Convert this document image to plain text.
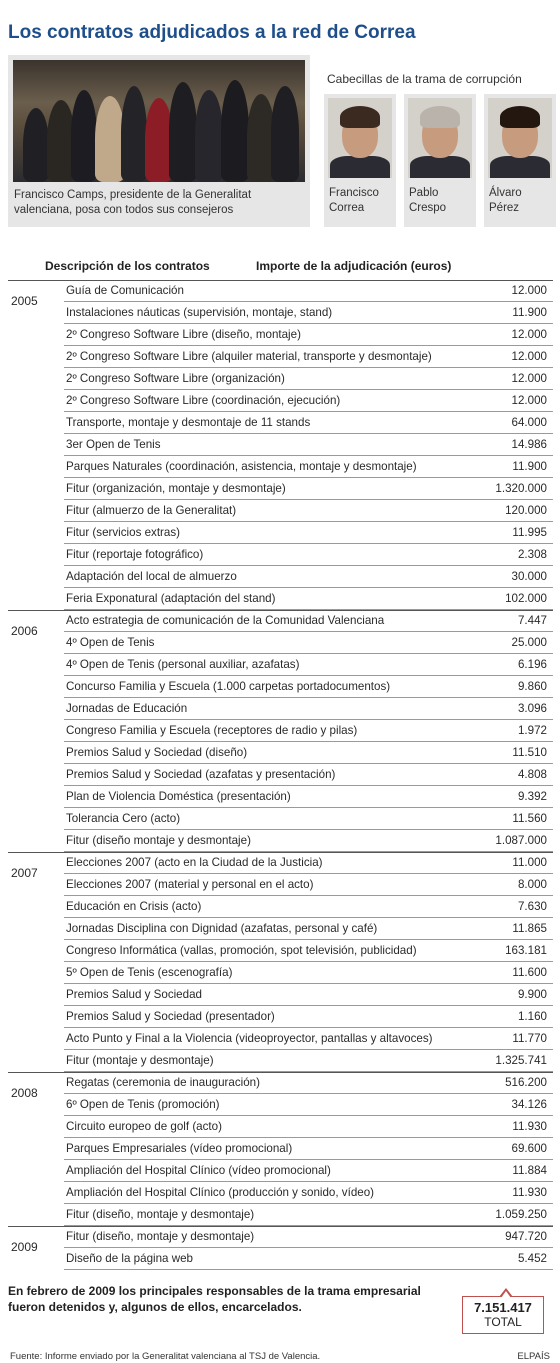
Los contratos adjudicados a la red de Correa
Francisco Camps, presidente de la Generalitat valenciana, posa con todos sus consejeros
Cabecillas de la trama de corrupción
Francisco
Correa
Pablo
Crespo
Álvaro
Pérez
Descripción de los contratos	Importe de la adjudicación (euros)
2005
Guía de Comunicación	12.000
Instalaciones náuticas (supervisión, montaje, stand)	11.900
2º Congreso Software Libre (diseño, montaje)	12.000
2º Congreso Software Libre (alquiler material, transporte y desmontaje)	12.000
2º Congreso Software Libre (organización)	12.000
2º Congreso Software Libre (coordinación, ejecución)	12.000
Transporte, montaje y desmontaje de 11 stands	64.000
3er Open de Tenis	14.986
Parques Naturales (coordinación, asistencia, montaje y desmontaje)	11.900
Fitur (organización, montaje y desmontaje)	1.320.000
Fitur (almuerzo de la Generalitat)	120.000
Fitur (servicios extras)	11.995
Fitur (reportaje fotográfico)	2.308
Adaptación del local de almuerzo	30.000
Feria Exponatural (adaptación del stand)	102.000
2006
Acto estrategia de comunicación de la Comunidad Valenciana	7.447
4º Open de Tenis	25.000
4º Open de Tenis (personal auxiliar, azafatas)	6.196
Concurso Familia y Escuela (1.000 carpetas portadocumentos)	9.860
Jornadas de Educación	3.096
Congreso Familia y Escuela (receptores de radio y pilas)	1.972
Premios Salud y Sociedad (diseño)	11.510
Premios Salud y Sociedad (azafatas y presentación)	4.808
Plan de Violencia Doméstica (presentación)	9.392
Tolerancia Cero (acto)	11.560
Fitur (diseño montaje y desmontaje)	1.087.000
2007
Elecciones 2007 (acto en la Ciudad de la Justicia)	11.000
Elecciones 2007 (material y personal en el acto)	8.000
Educación en Crisis (acto)	7.630
Jornadas Disciplina con Dignidad (azafatas, personal y café)	11.865
Congreso Informática (vallas, promoción, spot televisión, publicidad)	163.181
5º Open de Tenis (escenografía)	11.600
Premios Salud y Sociedad	9.900
Premios Salud y Sociedad (presentador)	1.160
Acto Punto y Final a la Violencia (videoproyector, pantallas y altavoces)	11.770
Fitur (montaje y desmontaje)	1.325.741
2008
Regatas (ceremonia de inauguración)	516.200
6º Open de Tenis (promoción)	34.126
Circuito europeo de golf (acto)	11.930
Parques Empresariales (vídeo promocional)	69.600
Ampliación del Hospital Clínico (vídeo promocional)	11.884
Ampliación del Hospital Clínico (producción y sonido, vídeo)	11.930
Fitur (diseño, montaje y desmontaje)	1.059.250
2009
Fitur (diseño, montaje y desmontaje)	947.720
Diseño de la página web	5.452
En febrero de 2009 los principales responsables de la trama empresarial fueron detenidos y, algunos de ellos, encarcelados.	7.151.417
TOTAL
Fuente: Informe enviado por la Generalitat valenciana al TSJ de Valencia.	ELPAÍS
